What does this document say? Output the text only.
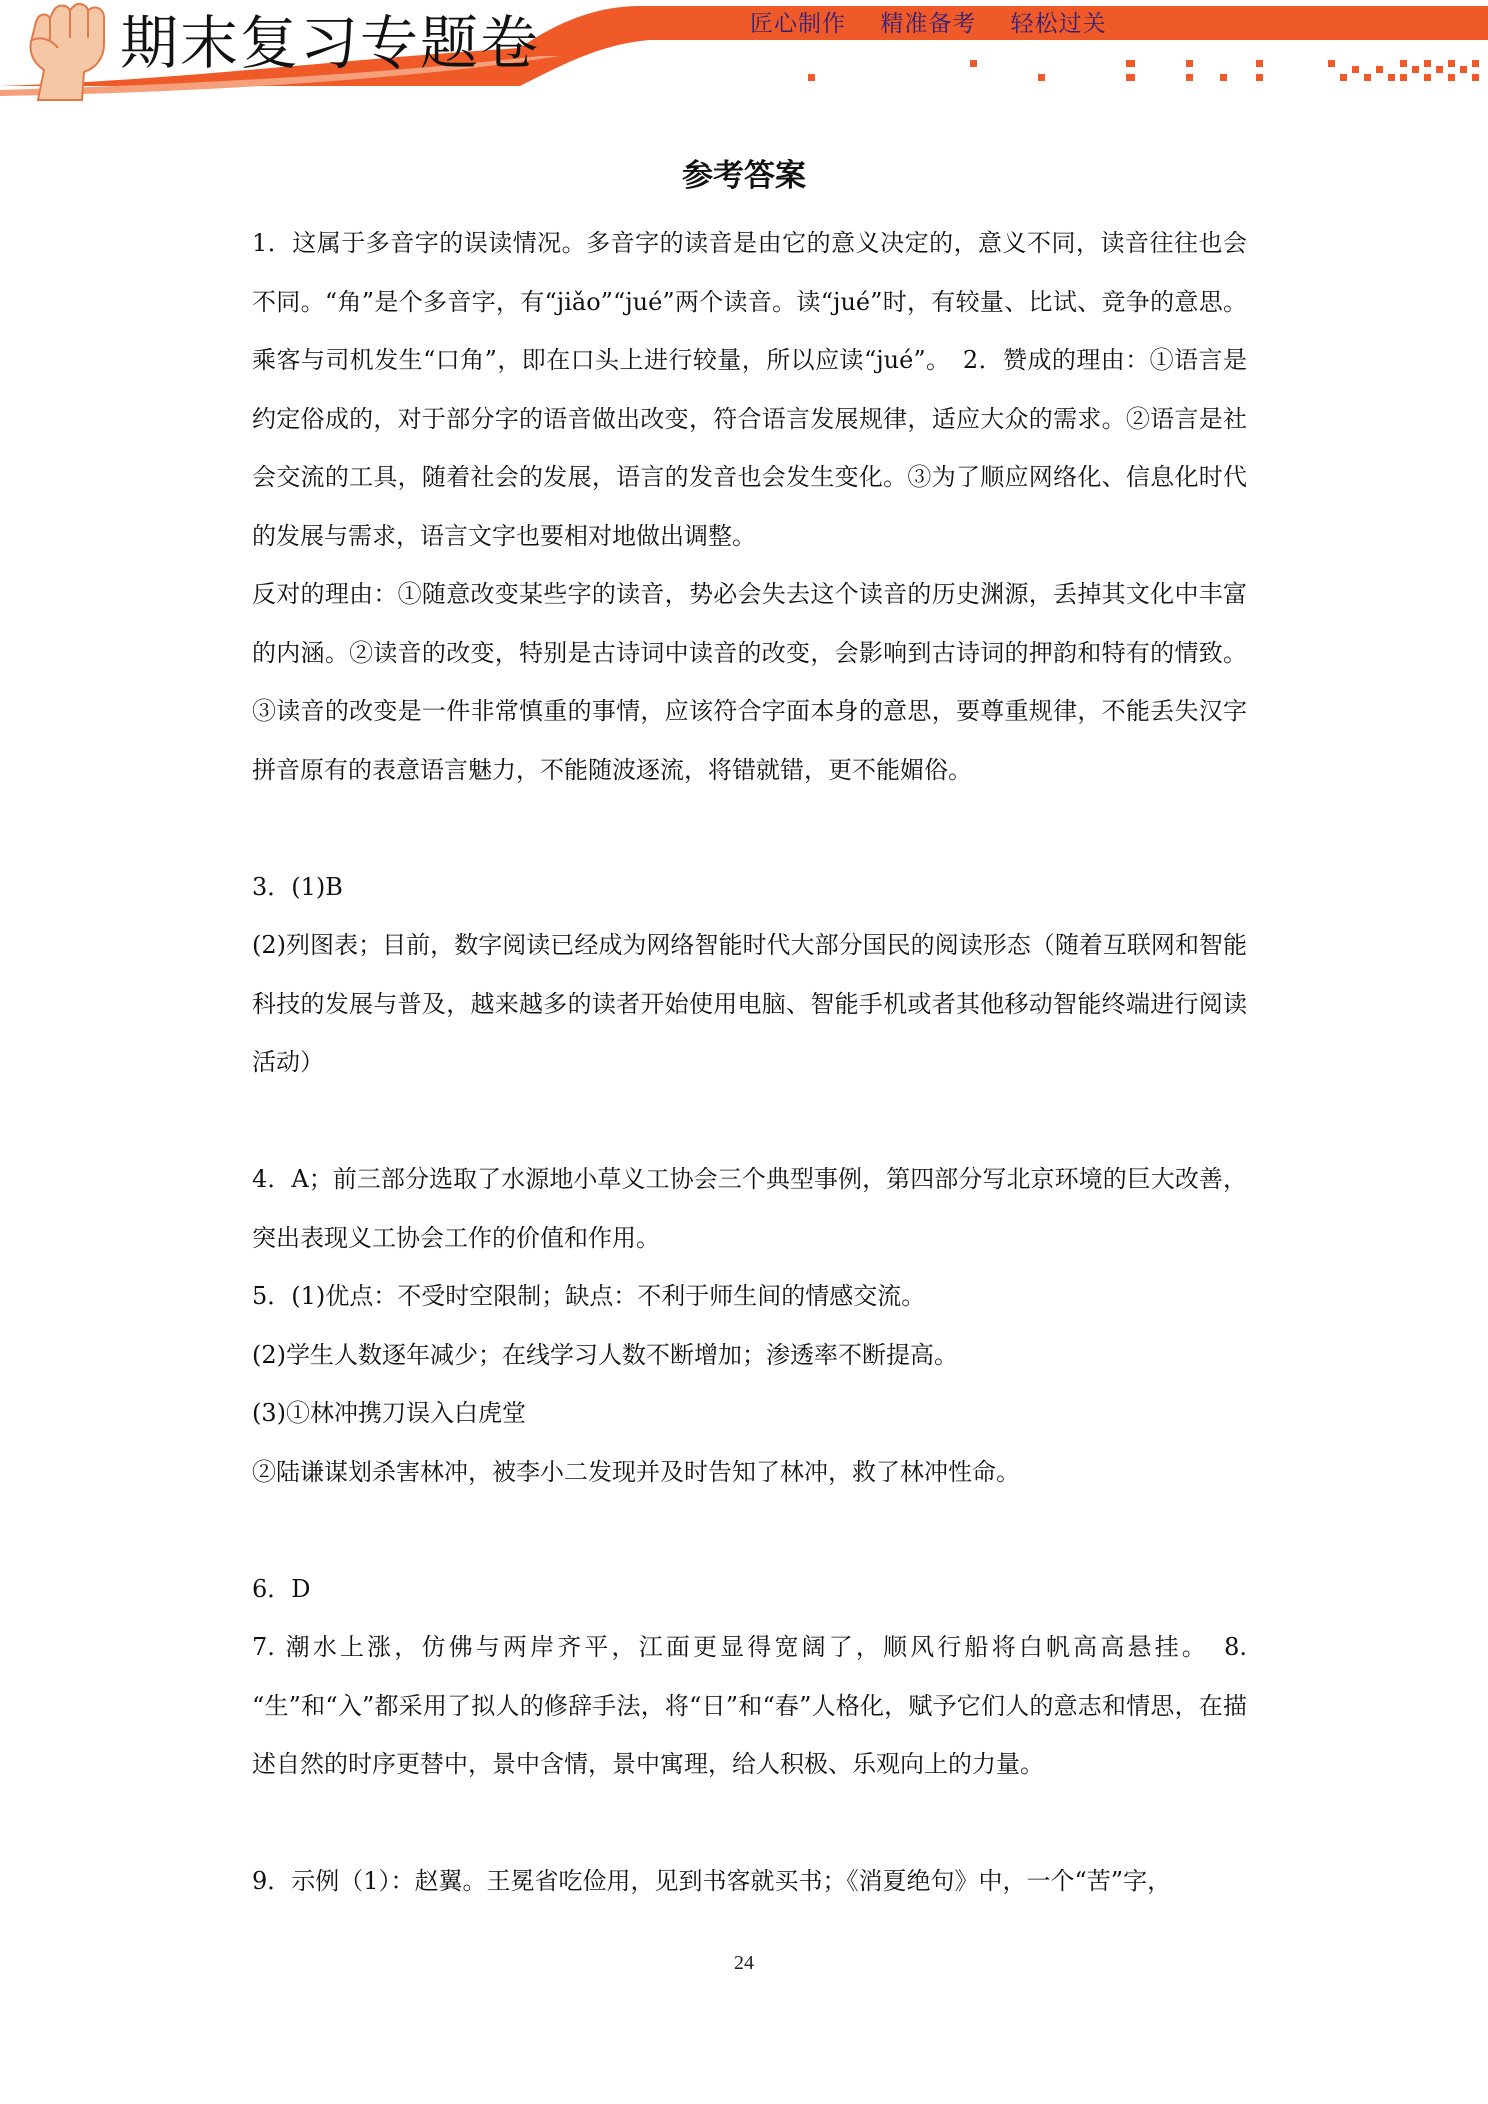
期末复习专题卷	匠心制作 精准备考 轻松过关
参考答案

1．这属于多音字的误读情况。多音字的读音是由它的意义决定的，意义不同，读音往往也会不同。“角”是个多音字，有“jiǎo”“jué”两个读音。读“jué”时，有较量、比试、竞争的意思。乘客与司机发生“口角”，即在口头上进行较量，所以应读“jué”。　2．赞成的理由：①语言是约定俗成的，对于部分字的语音做出改变，符合语言发展规律，适应大众的需求。②语言是社会交流的工具，随着社会的发展，语言的发音也会发生变化。③为了顺应网络化、信息化时代的发展与需求，语言文字也要相对地做出调整。

反对的理由：①随意改变某些字的读音，势必会失去这个读音的历史渊源，丢掉其文化中丰富的内涵。②读音的改变，特别是古诗词中读音的改变，会影响到古诗词的押韵和特有的情致。③读音的改变是一件非常慎重的事情，应该符合字面本身的意思，要尊重规律，不能丢失汉字拼音原有的表意语言魅力，不能随波逐流，将错就错，更不能媚俗。

3．(1)B

(2)列图表；目前，数字阅读已经成为网络智能时代大部分国民的阅读形态（随着互联网和智能科技的发展与普及，越来越多的读者开始使用电脑、智能手机或者其他移动智能终端进行阅读活动）

4．A；前三部分选取了水源地小草义工协会三个典型事例，第四部分写北京环境的巨大改善，突出表现义工协会工作的价值和作用。

5．(1)优点：不受时空限制；缺点：不利于师生间的情感交流。

(2)学生人数逐年减少；在线学习人数不断增加；渗透率不断提高。

(3)①林冲携刀误入白虎堂

②陆谦谋划杀害林冲，被李小二发现并及时告知了林冲，救了林冲性命。

6．D

7. 潮水上涨，仿佛与两岸齐平，江面更显得宽阔了，顺风行船将白帆高高悬挂。　8. “生”和“入”都采用了拟人的修辞手法，将“日”和“春”人格化，赋予它们人的意志和情思，在描述自然的时序更替中，景中含情，景中寓理，给人积极、乐观向上的力量。

9．示例（1）：赵翼。王冕省吃俭用，见到书客就买书；《消夏绝句》中，一个“苦”字，

24
